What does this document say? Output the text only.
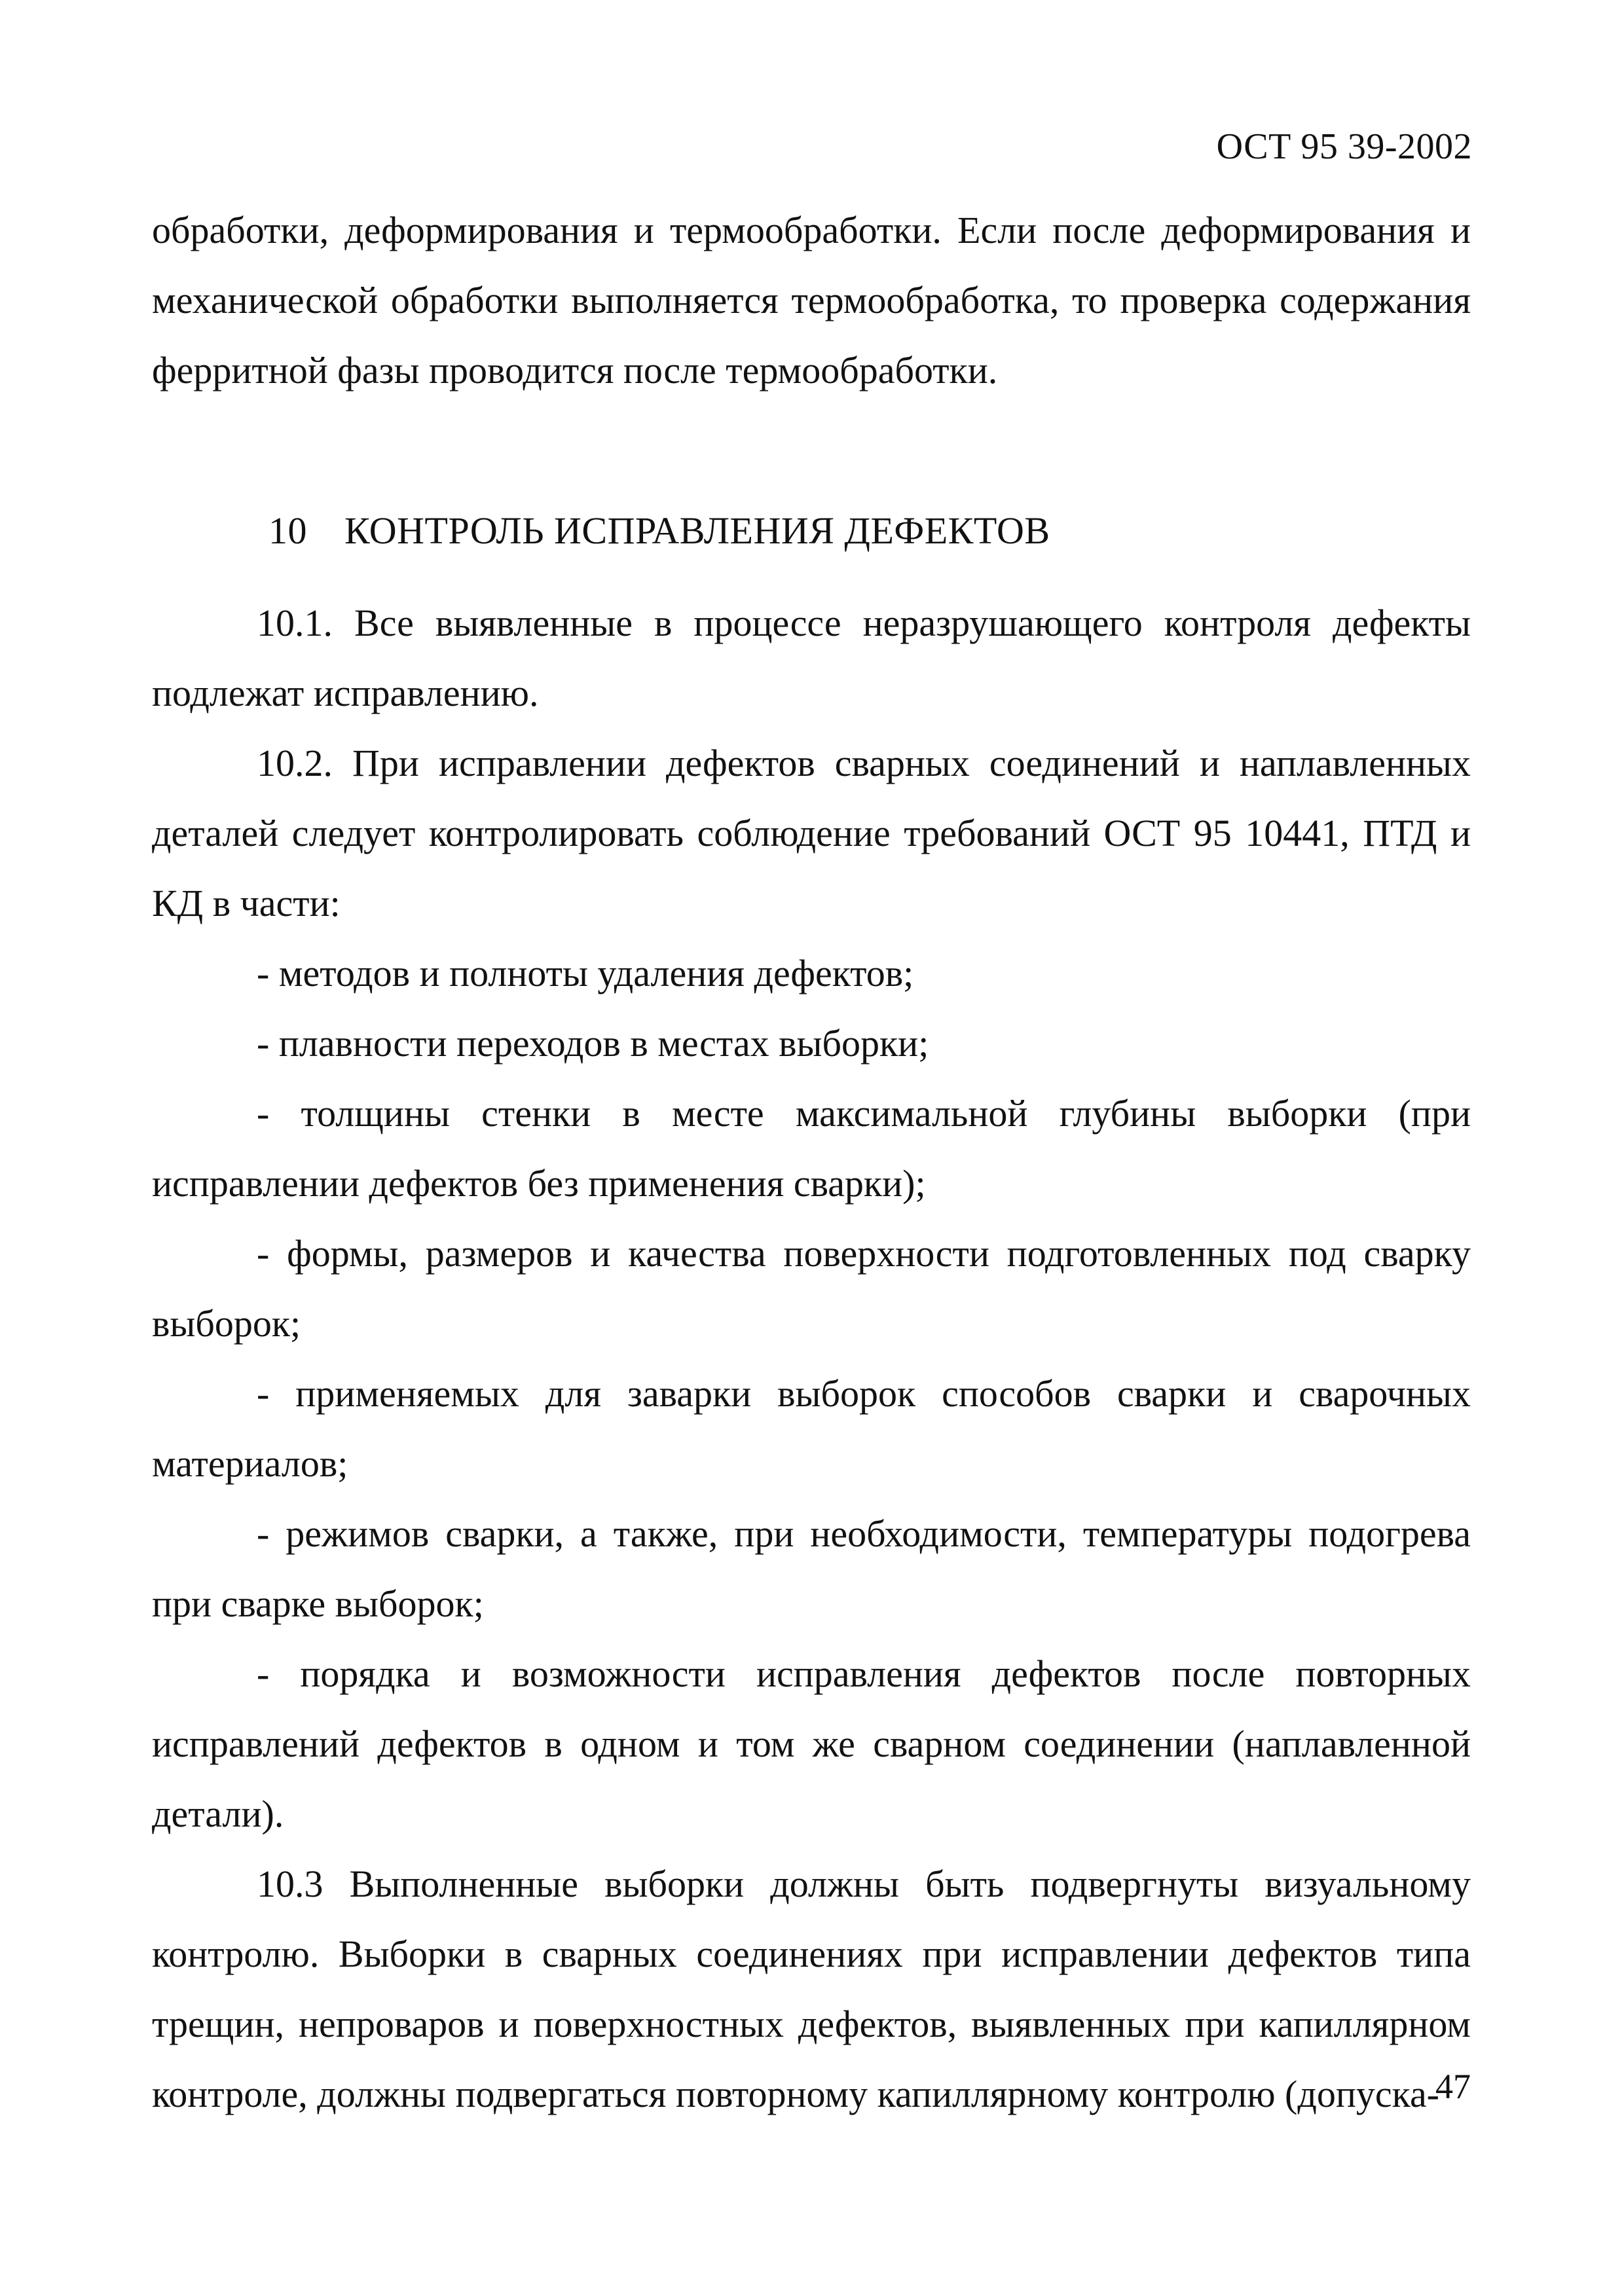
ОСТ 95 39-2002

обработки, деформирования и термообработки. Если после деформирования и механической обработки выполняется термообработка, то проверка содержания ферритной фазы проводится после термообработки.

10 КОНТРОЛЬ ИСПРАВЛЕНИЯ ДЕФЕКТОВ

10.1. Все выявленные в процессе неразрушающего контроля дефекты подлежат исправлению.

10.2. При исправлении дефектов сварных соединений и наплавленных деталей следует контролировать соблюдение требований ОСТ 95 10441, ПТД и КД в части:

- методов и полноты удаления дефектов;

- плавности переходов в местах выборки;

- толщины стенки в месте максимальной глубины выборки (при исправлении дефектов без применения сварки);

- формы, размеров и качества поверхности подготовленных под сварку выборок;

- применяемых для заварки выборок способов сварки и сварочных материалов;

- режимов сварки, а также, при необходимости, температуры подогрева при сварке выборок;

- порядка и возможности исправления дефектов после повторных исправлений дефектов в одном и том же сварном соединении (наплавленной детали).

10.3 Выполненные выборки должны быть подвергнуты визуальному контролю. Выборки в сварных соединениях при исправлении дефектов типа трещин, непроваров и поверхностных дефектов, выявленных при капиллярном контроле, должны подвергаться повторному капиллярному контролю (допуска-

47
